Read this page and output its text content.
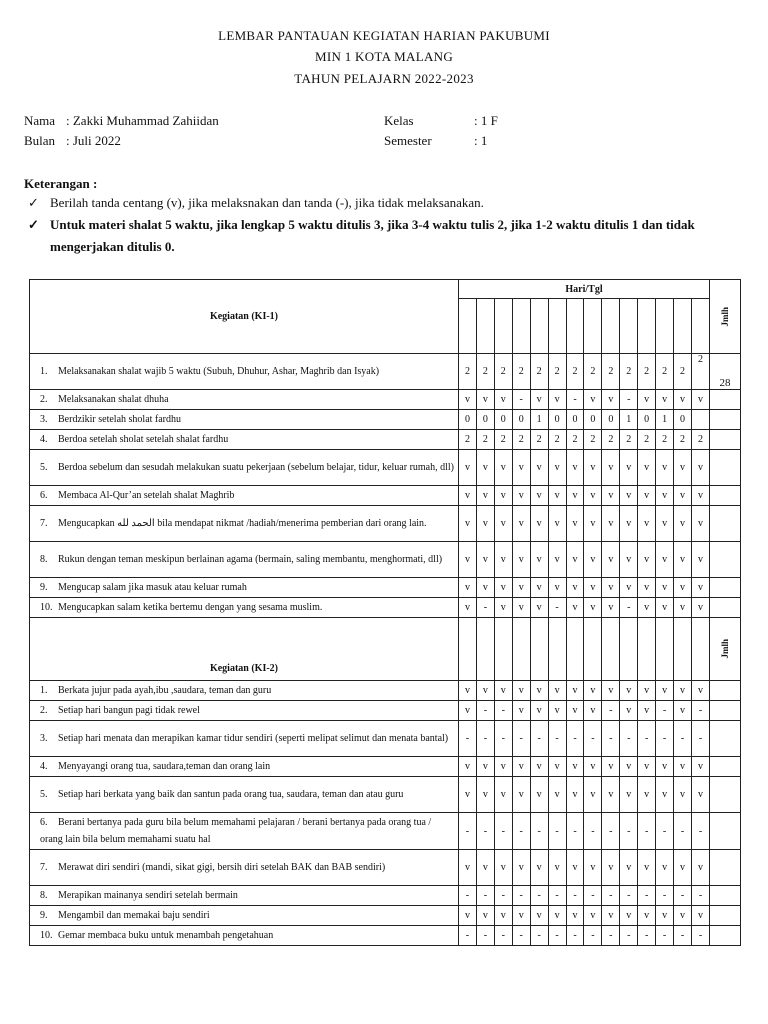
LEMBAR PANTAUAN KEGIATAN HARIAN PAKUBUMI
MIN 1 KOTA MALANG
TAHUN PELAJARN 2022-2023
Nama : Zakki Muhammad Zahiidan
Bulan : Juli 2022
Kelas	: 1 F
Semester	: 1
Keterangan :
✓ Berilah tanda centang (v), jika melaksnakan dan tanda (-), jika tidak melaksanakan.
✓ Untuk materi shalat 5 waktu, jika lengkap 5 waktu ditulis 3, jika 3-4 waktu tulis 2, jika 1-2 waktu ditulis 1 dan tidak mengerjakan ditulis 0.
Kegiatan (KI-1)	Hari/Tgl														Jmlh

1. Melaksanakan shalat wajib 5 waktu (Subuh, Dhuhur, Ashar, Maghrib dan Isyak)	2	2	2	2	2	2	2	2	2	2	2	2	2	2	28
2. Melaksanakan shalat dhuha	v	v	v	-	v	v	-	v	v	-	v	v	v	v	
3. Berdzikir setelah sholat fardhu	0	0	0	0	1	0	0	0	0	1	0	1	0		
4. Berdoa setelah sholat setelah shalat fardhu	2	2	2	2	2	2	2	2	2	2	2	2	2	2	
5. Berdoa sebelum dan sesudah melakukan suatu pekerjaan (sebelum belajar, tidur, keluar rumah, dll)	v	v	v	v	v	v	v	v	v	v	v	v	v	v	
6. Membaca Al-Qur’an setelah shalat Maghrib	v	v	v	v	v	v	v	v	v	v	v	v	v	v	
7. Mengucapkan الحمد لله bila mendapat nikmat /hadiah/menerima pemberian dari orang lain.	v	v	v	v	v	v	v	v	v	v	v	v	v	v	
8. Rukun dengan teman meskipun berlainan agama (bermain, saling membantu, menghormati, dll)	v	v	v	v	v	v	v	v	v	v	v	v	v	v	
9. Mengucap salam jika masuk atau keluar rumah	v	v	v	v	v	v	v	v	v	v	v	v	v	v	
10. Mengucapkan salam ketika bertemu dengan yang sesama muslim.	v	-	v	v	v	-	v	v	v	-	v	v	v	v	
Kegiatan (KI-2)															Jmlh

1. Berkata jujur pada ayah,ibu ,saudara, teman dan guru	v	v	v	v	v	v	v	v	v	v	v	v	v	v	
2. Setiap hari bangun pagi tidak rewel	v	-	-	v	v	v	v	v	-	v	v	-	v	-	
3. Setiap hari menata dan merapikan kamar tidur sendiri (seperti melipat selimut dan menata bantal)	-	-	-	-	-	-	-	-	-	-	-	-	-	-	
4. Menyayangi orang tua, saudara,teman dan orang lain	v	v	v	v	v	v	v	v	v	v	v	v	v	v	
5. Setiap hari berkata yang baik dan santun pada orang tua, saudara, teman dan atau guru	v	v	v	v	v	v	v	v	v	v	v	v	v	v	
6. Berani bertanya pada guru bila belum memahami pelajaran / berani bertanya pada orang tua / orang lain bila belum memahami suatu hal	-	-	-	-	-	-	-	-	-	-	-	-	-	-	
7. Merawat diri sendiri (mandi, sikat gigi, bersih diri setelah BAK dan BAB sendiri)	v	v	v	v	v	v	v	v	v	v	v	v	v	v	
8. Merapikan mainanya sendiri setelah bermain	-	-	-	-	-	-	-	-	-	-	-	-	-	-	
9. Mengambil dan memakai baju sendiri	v	v	v	v	v	v	v	v	v	v	v	v	v	v	
10. Gemar membaca buku untuk menambah pengetahuan	-	-	-	-	-	-	-	-	-	-	-	-	-	-	
